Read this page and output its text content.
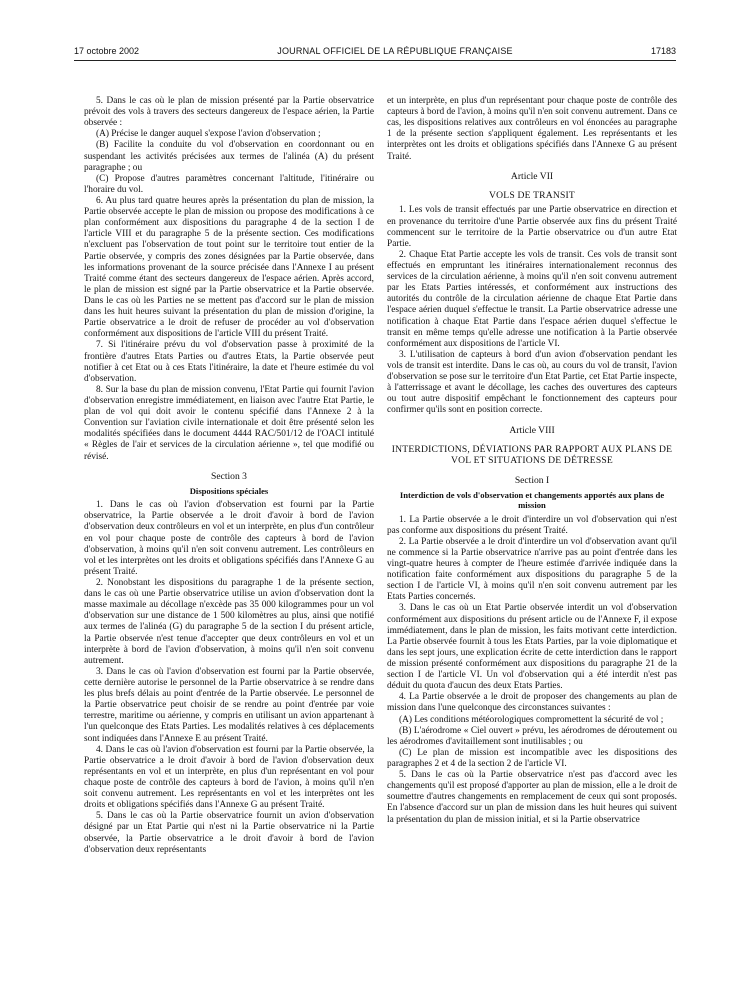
17 octobre 2002	JOURNAL OFFICIEL DE LA RÉPUBLIQUE FRANÇAISE	17183

5. Dans le cas où le plan de mission présenté par la Partie observatrice prévoit des vols à travers des secteurs dangereux de l'espace aérien, la Partie observée :

(A) Précise le danger auquel s'expose l'avion d'observation ;

(B) Facilite la conduite du vol d'observation en coordonnant ou en suspendant les activités précisées aux termes de l'alinéa (A) du présent paragraphe ; ou

(C) Propose d'autres paramètres concernant l'altitude, l'itinéraire ou l'horaire du vol.

6. Au plus tard quatre heures après la présentation du plan de mission, la Partie observée accepte le plan de mission ou propose des modifications à ce plan conformément aux dispositions du paragraphe 4 de la section I de l'article VIII et du paragraphe 5 de la présente section. Ces modifications n'excluent pas l'observation de tout point sur le territoire tout entier de la Partie observée, y compris des zones désignées par la Partie observée, dans les informations provenant de la source précisée dans l'Annexe I au présent Traité comme étant des secteurs dangereux de l'espace aérien. Après accord, le plan de mission est signé par la Partie observatrice et la Partie observée. Dans le cas où les Parties ne se mettent pas d'accord sur le plan de mission dans les huit heures suivant la présentation du plan de mission d'origine, la Partie observatrice a le droit de refuser de procéder au vol d'observation conformément aux dispositions de l'article VIII du présent Traité.

7. Si l'itinéraire prévu du vol d'observation passe à proximité de la frontière d'autres Etats Parties ou d'autres Etats, la Partie observée peut notifier à cet Etat ou à ces Etats l'itinéraire, la date et l'heure estimée du vol d'observation.

8. Sur la base du plan de mission convenu, l'Etat Partie qui fournit l'avion d'observation enregistre immédiatement, en liaison avec l'autre Etat Partie, le plan de vol qui doit avoir le contenu spécifié dans l'Annexe 2 à la Convention sur l'aviation civile internationale et doit être présenté selon les modalités spécifiées dans le document 4444 RAC/501/12 de l'OACI intitulé « Règles de l'air et services de la circulation aérienne », tel que modifié ou révisé.

Section 3
Dispositions spéciales

1. Dans le cas où l'avion d'observation est fourni par la Partie observatrice, la Partie observée a le droit d'avoir à bord de l'avion d'observation deux contrôleurs en vol et un interprète, en plus d'un contrôleur en vol pour chaque poste de contrôle des capteurs à bord de l'avion d'observation, à moins qu'il n'en soit convenu autrement. Les contrôleurs en vol et les interprètes ont les droits et obligations spécifiés dans l'Annexe G au présent Traité.

2. Nonobstant les dispositions du paragraphe 1 de la présente section, dans le cas où une Partie observatrice utilise un avion d'observation dont la masse maximale au décollage n'excède pas 35 000 kilogrammes pour un vol d'observation sur une distance de 1 500 kilomètres au plus, ainsi que notifié aux termes de l'alinéa (G) du paragraphe 5 de la section I du présent article, la Partie observée n'est tenue d'accepter que deux contrôleurs en vol et un interprète à bord de l'avion d'observation, à moins qu'il n'en soit convenu autrement.

3. Dans le cas où l'avion d'observation est fourni par la Partie observée, cette dernière autorise le personnel de la Partie observatrice à se rendre dans les plus brefs délais au point d'entrée de la Partie observée. Le personnel de la Partie observatrice peut choisir de se rendre au point d'entrée par voie terrestre, maritime ou aérienne, y compris en utilisant un avion appartenant à l'un quelconque des Etats Parties. Les modalités relatives à ces déplacements sont indiquées dans l'Annexe E au présent Traité.

4. Dans le cas où l'avion d'observation est fourni par la Partie observée, la Partie observatrice a le droit d'avoir à bord de l'avion d'observation deux représentants en vol et un interprète, en plus d'un représentant en vol pour chaque poste de contrôle des capteurs à bord de l'avion, à moins qu'il n'en soit convenu autrement. Les représentants en vol et les interprètes ont les droits et obligations spécifiés dans l'Annexe G au présent Traité.

5. Dans le cas où la Partie observatrice fournit un avion d'observation désigné par un Etat Partie qui n'est ni la Partie observatrice ni la Partie observée, la Partie observatrice a le droit d'avoir à bord de l'avion d'observation deux représentants

et un interprète, en plus d'un représentant pour chaque poste de contrôle des capteurs à bord de l'avion, à moins qu'il n'en soit convenu autrement. Dans ce cas, les dispositions relatives aux contrôleurs en vol énoncées au paragraphe 1 de la présente section s'appliquent également. Les représentants et les interprètes ont les droits et obligations spécifiés dans l'Annexe G au présent Traité.

Article VII
VOLS DE TRANSIT

1. Les vols de transit effectués par une Partie observatrice en direction et en provenance du territoire d'une Partie observée aux fins du présent Traité commencent sur le territoire de la Partie observatrice ou d'un autre Etat Partie.

2. Chaque Etat Partie accepte les vols de transit. Ces vols de transit sont effectués en empruntant les itinéraires internationalement reconnus des services de la circulation aérienne, à moins qu'il n'en soit convenu autrement par les Etats Parties intéressés, et conformément aux instructions des autorités du contrôle de la circulation aérienne de chaque Etat Partie dans l'espace aérien duquel s'effectue le transit. La Partie observatrice adresse une notification à chaque Etat Partie dans l'espace aérien duquel s'effectue le transit en même temps qu'elle adresse une notification à la Partie observée conformément aux dispositions de l'article VI.

3. L'utilisation de capteurs à bord d'un avion d'observation pendant les vols de transit est interdite. Dans le cas où, au cours du vol de transit, l'avion d'observation se pose sur le territoire d'un Etat Partie, cet Etat Partie inspecte, à l'atterrissage et avant le décollage, les caches des ouvertures des capteurs ou tout autre dispositif empêchant le fonctionnement des capteurs pour confirmer qu'ils sont en position correcte.

Article VIII
INTERDICTIONS, DÉVIATIONS PAR RAPPORT AUX PLANS DE VOL ET SITUATIONS DE DÉTRESSE
Section I
Interdiction de vols d'observation et changements apportés aux plans de mission

1. La Partie observée a le droit d'interdire un vol d'observation qui n'est pas conforme aux dispositions du présent Traité.

2. La Partie observée a le droit d'interdire un vol d'observation avant qu'il ne commence si la Partie observatrice n'arrive pas au point d'entrée dans les vingt-quatre heures à compter de l'heure estimée d'arrivée indiquée dans la notification faite conformément aux dispositions du paragraphe 5 de la section I de l'article VI, à moins qu'il n'en soit convenu autrement par les Etats Parties concernés.

3. Dans le cas où un Etat Partie observée interdit un vol d'observation conformément aux dispositions du présent article ou de l'Annexe F, il expose immédiatement, dans le plan de mission, les faits motivant cette interdiction. La Partie observée fournit à tous les Etats Parties, par la voie diplomatique et dans les sept jours, une explication écrite de cette interdiction dans le rapport de mission présenté conformément aux dispositions du paragraphe 21 de la section I de l'article VI. Un vol d'observation qui a été interdit n'est pas déduit du quota d'aucun des deux Etats Parties.

4. La Partie observée a le droit de proposer des changements au plan de mission dans l'une quelconque des circonstances suivantes :

(A) Les conditions météorologiques compromettent la sécurité de vol ;

(B) L'aérodrome « Ciel ouvert » prévu, les aérodromes de déroutement ou les aérodromes d'avitaillement sont inutilisables ; ou

(C) Le plan de mission est incompatible avec les dispositions des paragraphes 2 et 4 de la section 2 de l'article VI.

5. Dans le cas où la Partie observatrice n'est pas d'accord avec les changements qu'il est proposé d'apporter au plan de mission, elle a le droit de soumettre d'autres changements en remplacement de ceux qui sont proposés. En l'absence d'accord sur un plan de mission dans les huit heures qui suivent la présentation du plan de mission initial, et si la Partie observatrice
